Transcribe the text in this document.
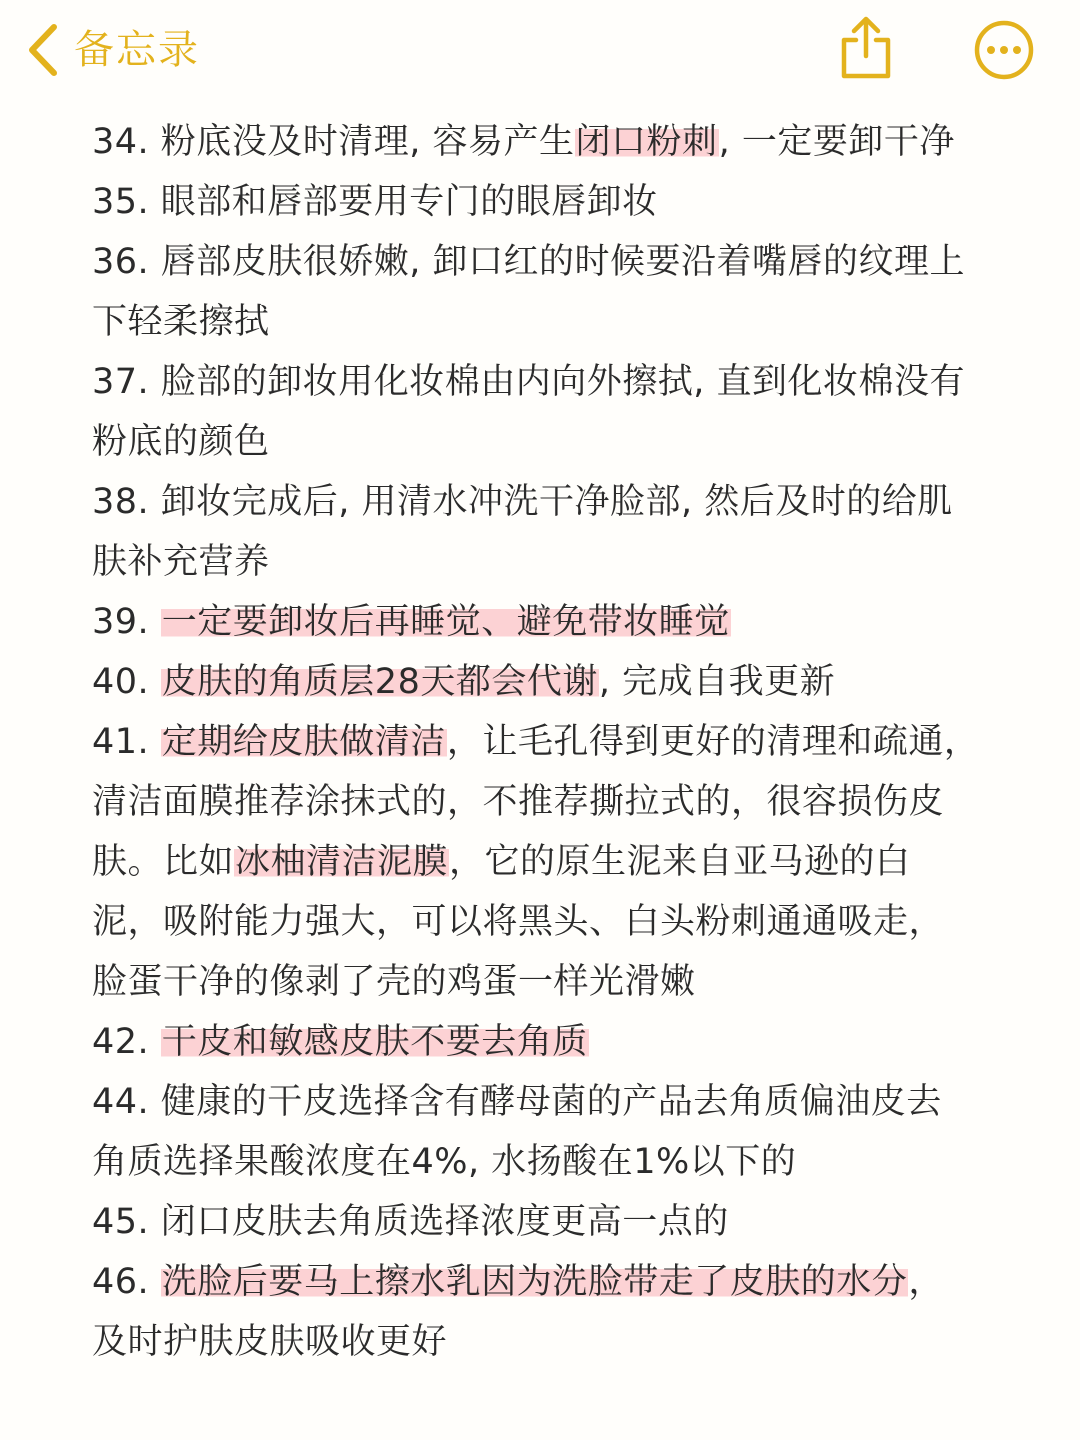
备忘录
34. 粉底没及时清理, 容易产生闭口粉刺, 一定要卸干净
35. 眼部和唇部要用专门的眼唇卸妆
36. 唇部皮肤很娇嫩, 卸口红的时候要沿着嘴唇的纹理上
下轻柔擦拭
37. 脸部的卸妆用化妆棉由内向外擦拭, 直到化妆棉没有
粉底的颜色
38. 卸妆完成后, 用清水冲洗干净脸部, 然后及时的给肌
肤补充营养
39. 一定要卸妆后再睡觉、避免带妆睡觉
40. 皮肤的角质层28天都会代谢, 完成自我更新
41. 定期给皮肤做清洁，让毛孔得到更好的清理和疏通，
清洁面膜推荐涂抹式的，不推荐撕拉式的，很容损伤皮
肤。比如冰柚清洁泥膜，它的原生泥来自亚马逊的白
泥，吸附能力强大，可以将黑头、白头粉刺通通吸走，
脸蛋干净的像剥了壳的鸡蛋一样光滑嫩
42. 干皮和敏感皮肤不要去角质
44. 健康的干皮选择含有酵母菌的产品去角质偏油皮去
角质选择果酸浓度在4%, 水扬酸在1%以下的
45. 闭口皮肤去角质选择浓度更高一点的
46. 洗脸后要马上擦水乳因为洗脸带走了皮肤的水分，
及时护肤皮肤吸收更好
